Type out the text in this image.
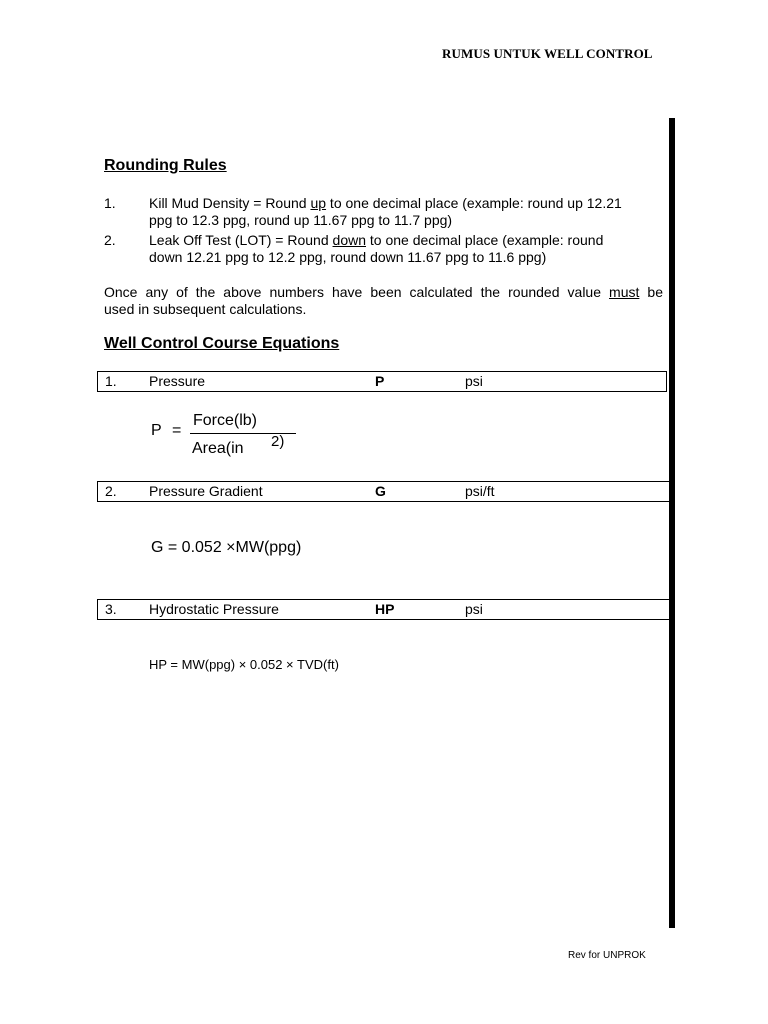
RUMUS UNTUK WELL CONTROL
Rounding Rules
1. Kill Mud Density = Round up to one decimal place (example: round up 12.21
ppg to 12.3 ppg, round up 11.67 ppg to 11.7 ppg)
2. Leak Off Test (LOT) = Round down to one decimal place (example: round
down 12.21 ppg to 12.2 ppg, round down 11.67 ppg to 11.6 ppg)
Once any of the above numbers have been calculated the rounded value must be
used in subsequent calculations.
Well Control Course Equations
1. Pressure	P	psi
P =
Force(lb)
Area(in 2)
2. Pressure Gradient	G	psi/ft
G = 0.052 ×MW(ppg)
3. Hydrostatic Pressure	HP	psi
HP = MW(ppg) × 0.052 × TVD(ft)
Rev for UNPROK
